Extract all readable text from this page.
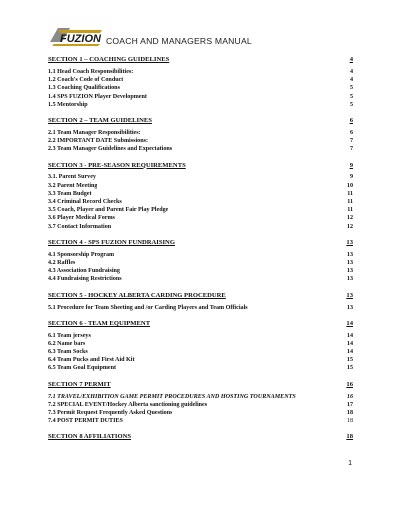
FUZION COACH AND MANAGERS MANUAL
SECTION 1 – COACHING GUIDELINES	4
1.1 Head Coach Responsibilities:	4
1.2 Coach's Code of Conduct	4
1.3 Coaching Qualifications	5
1.4 SPS FUZION Player Development	5
1.5 Mentorship	5
SECTION 2 – TEAM GUIDELINES	6
2.1 Team Manager Responsibilities:	6
2.2 IMPORTANT DATE Submissions:	7
2.3 Team Manager Guidelines and Expectations	7
SECTION 3 - PRE-SEASON REQUIREMENTS	9
3.1. Parent Survey	9
3.2 Parent Meeting	10
3.3 Team Budget	11
3.4 Criminal Record Checks	11
3.5 Coach, Player and Parent Fair Play Pledge	11
3.6 Player Medical Forms	12
3.7 Contact Information	12
SECTION 4 - SPS FUZION FUNDRAISING	13
4.1 Sponsorship Program	13
4.2 Raffles	13
4.3 Association Fundraising	13
4.4 Fundraising Restrictions	13
SECTION 5 - HOCKEY ALBERTA CARDING PROCEDURE	13
5.1 Procedure for Team Sheeting and /or Carding Players and Team Officials	13
SECTION 6 - TEAM EQUIPMENT	14
6.1 Team jerseys	14
6.2 Name bars	14
6.3 Team Socks	14
6.4 Team Pucks and First Aid Kit	15
6.5 Team Goal Equipment	15
SECTION 7 PERMIT	16
7.1 TRAVEL/EXHIBITION GAME PERMIT PROCEDURES AND HOSTING TOURNAMENTS	16
7.2 SPECIAL EVENT/Hockey Alberta sanctioning guidelines	17
7.3 Permit Request Frequently Asked Questions	18
7.4 POST PERMIT DUTIES	18
SECTION 8 AFFILIATIONS	18
1
